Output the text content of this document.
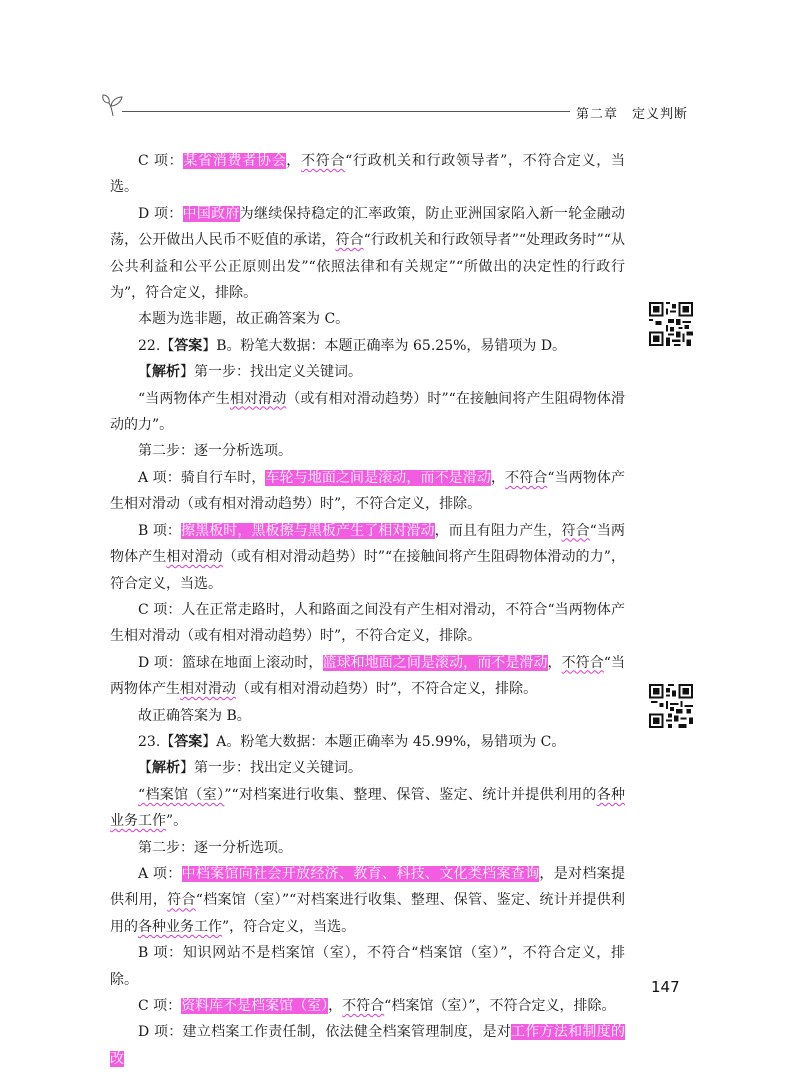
第二章　定义判断

C 项：某省消费者协会，不符合“行政机关和行政领导者”，不符合定义，当选。

D 项：中国政府为继续保持稳定的汇率政策，防止亚洲国家陷入新一轮金融动荡，公开做出人民币不贬值的承诺，符合“行政机关和行政领导者”“处理政务时”“从公共利益和公平公正原则出发”“依照法律和有关规定”“所做出的决定性的行政行为”，符合定义，排除。

本题为选非题，故正确答案为 C。

22.【答案】B。粉笔大数据：本题正确率为 65.25%，易错项为 D。

【解析】第一步：找出定义关键词。

“当两物体产生相对滑动（或有相对滑动趋势）时”“在接触间将产生阻碍物体滑动的力”。

第二步：逐一分析选项。

A 项：骑自行车时，车轮与地面之间是滚动，而不是滑动，不符合“当两物体产生相对滑动（或有相对滑动趋势）时”，不符合定义，排除。

B 项：擦黑板时，黑板擦与黑板产生了相对滑动，而且有阻力产生，符合“当两物体产生相对滑动（或有相对滑动趋势）时”“在接触间将产生阻碍物体滑动的力”，符合定义，当选。

C 项：人在正常走路时，人和路面之间没有产生相对滑动，不符合“当两物体产生相对滑动（或有相对滑动趋势）时”，不符合定义，排除。

D 项：篮球在地面上滚动时，篮球和地面之间是滚动，而不是滑动，不符合“当两物体产生相对滑动（或有相对滑动趋势）时”，不符合定义，排除。

故正确答案为 B。

23.【答案】A。粉笔大数据：本题正确率为 45.99%，易错项为 C。

【解析】第一步：找出定义关键词。

“档案馆（室）”“对档案进行收集、整理、保管、鉴定、统计并提供利用的各种业务工作”。

第二步：逐一分析选项。

A 项：中档案馆向社会开放经济、教育、科技、文化类档案查询，是对档案提供利用，符合“档案馆（室）”“对档案进行收集、整理、保管、鉴定、统计并提供利用的各种业务工作”，符合定义，当选。

B 项：知识网站不是档案馆（室），不符合“档案馆（室）”，不符合定义，排除。

C 项：资料库不是档案馆（室），不符合“档案馆（室）”，不符合定义，排除。

D 项：建立档案工作责任制，依法健全档案管理制度，是对工作方法和制度的改

147
